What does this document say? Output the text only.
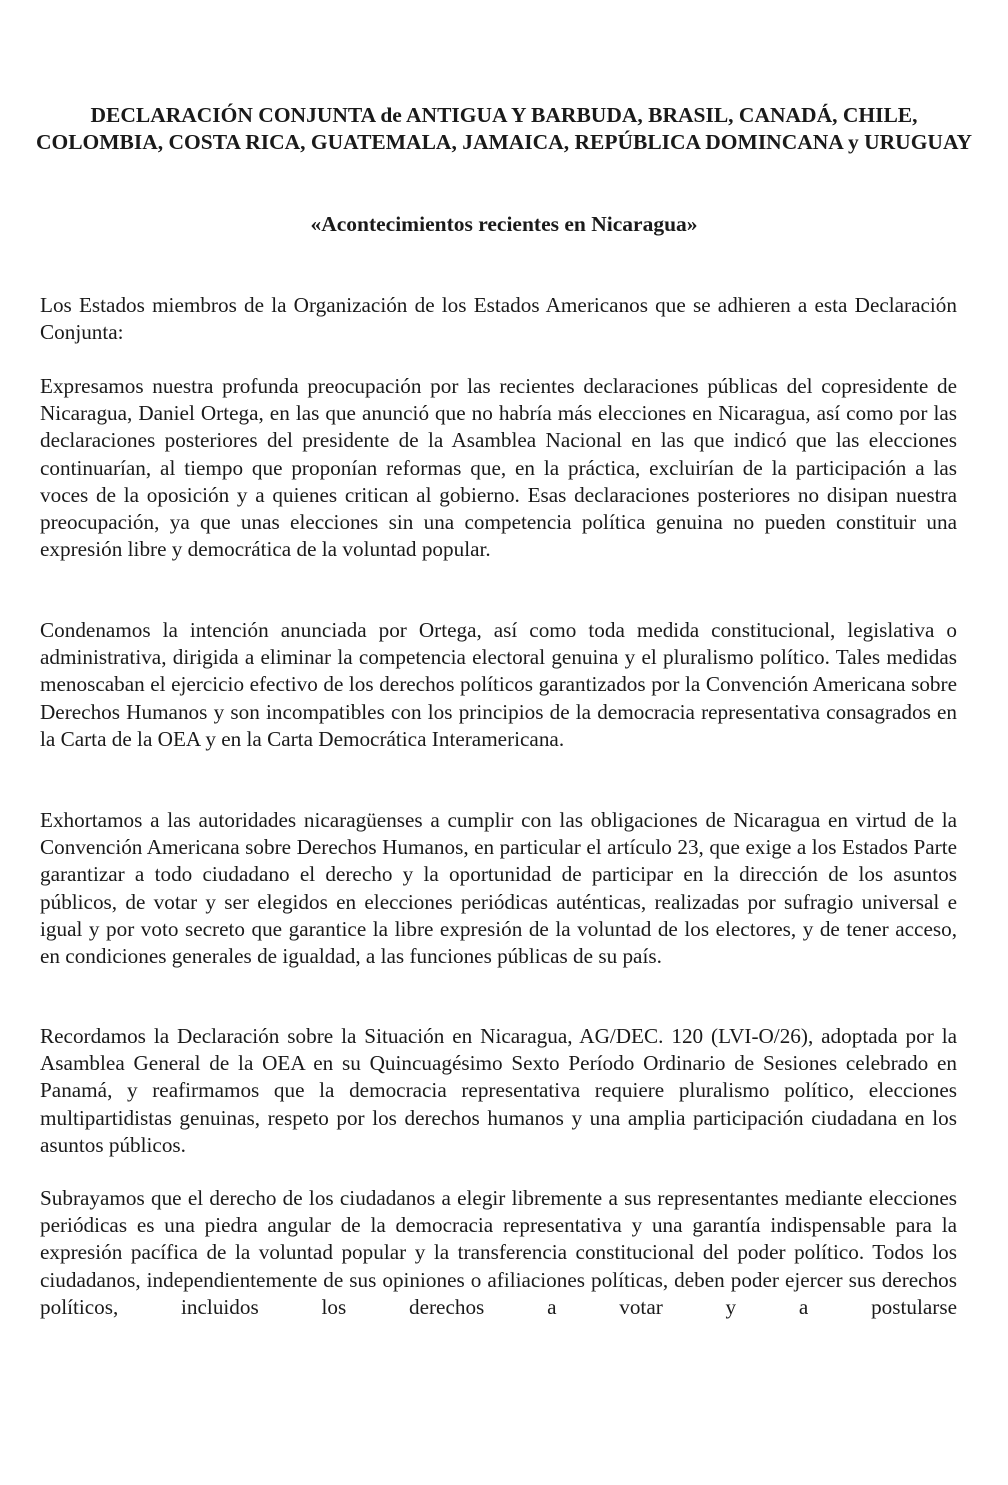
DECLARACIÓN CONJUNTA de ANTIGUA Y BARBUDA, BRASIL, CANADÁ, CHILE, COLOMBIA, COSTA RICA, GUATEMALA, JAMAICA, REPÚBLICA DOMINCANA y URUGUAY
«Acontecimientos recientes en Nicaragua»

Los Estados miembros de la Organización de los Estados Americanos que se adhieren a esta Declaración Conjunta:

Expresamos nuestra profunda preocupación por las recientes declaraciones públicas del copresidente de Nicaragua, Daniel Ortega, en las que anunció que no habría más elecciones en Nicaragua, así como por las declaraciones posteriores del presidente de la Asamblea Nacional en las que indicó que las elecciones continuarían, al tiempo que proponían reformas que, en la práctica, excluirían de la participación a las voces de la oposición y a quienes critican al gobierno. Esas declaraciones posteriores no disipan nuestra preocupación, ya que unas elecciones sin una competencia política genuina no pueden constituir una expresión libre y democrática de la voluntad popular.

Condenamos la intención anunciada por Ortega, así como toda medida constitucional, legislativa o administrativa, dirigida a eliminar la competencia electoral genuina y el pluralismo político. Tales medidas menoscaban el ejercicio efectivo de los derechos políticos garantizados por la Convención Americana sobre Derechos Humanos y son incompatibles con los principios de la democracia representativa consagrados en la Carta de la OEA y en la Carta Democrática Interamericana.

Exhortamos a las autoridades nicaragüenses a cumplir con las obligaciones de Nicaragua en virtud de la Convención Americana sobre Derechos Humanos, en particular el artículo 23, que exige a los Estados Parte garantizar a todo ciudadano el derecho y la oportunidad de participar en la dirección de los asuntos públicos, de votar y ser elegidos en elecciones periódicas auténticas, realizadas por sufragio universal e igual y por voto secreto que garantice la libre expresión de la voluntad de los electores, y de tener acceso, en condiciones generales de igualdad, a las funciones públicas de su país.

Recordamos la Declaración sobre la Situación en Nicaragua, AG/DEC. 120 (LVI-O/26), adoptada por la Asamblea General de la OEA en su Quincuagésimo Sexto Período Ordinario de Sesiones celebrado en Panamá, y reafirmamos que la democracia representativa requiere pluralismo político, elecciones multipartidistas genuinas, respeto por los derechos humanos y una amplia participación ciudadana en los asuntos públicos.

Subrayamos que el derecho de los ciudadanos a elegir libremente a sus representantes mediante elecciones periódicas es una piedra angular de la democracia representativa y una garantía indispensable para la expresión pacífica de la voluntad popular y la transferencia constitucional del poder político. Todos los ciudadanos, independientemente de sus opiniones o afiliaciones políticas, deben poder ejercer sus derechos políticos, incluidos los derechos a votar y a postularse
